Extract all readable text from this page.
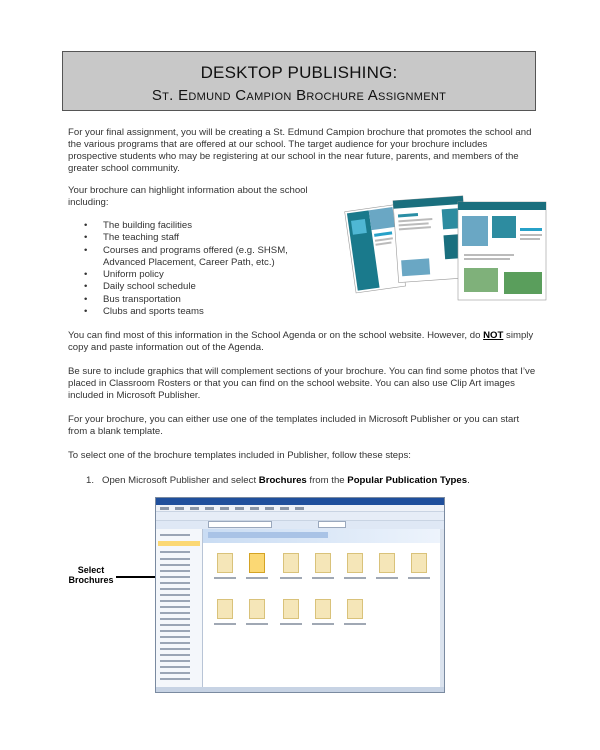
DESKTOP PUBLISHING:
St. Edmund Campion Brochure Assignment

For your final assignment, you will be creating a St. Edmund Campion brochure that promotes the school and the various programs that are offered at our school. The target audience for your brochure includes prospective students who may be registering at our school in the near future, parents, and members of the greater school community.

Your brochure can highlight information about the school including:

• The building facilities
• The teaching staff
• Courses and programs offered (e.g. SHSM, Advanced Placement, Career Path, etc.)
• Uniform policy
• Daily school schedule
• Bus transportation
• Clubs and sports teams

You can find most of this information in the School Agenda or on the school website. However, do NOT simply copy and paste information out of the Agenda.

Be sure to include graphics that will complement sections of your brochure. You can find some photos that I’ve placed in Classroom Rosters or that you can find on the school website. You can also use Clip Art images included in Microsoft Publisher.

For your brochure, you can either use one of the templates included in Microsoft Publisher or you can start from a blank template.

To select one of the brochure templates included in Publisher, follow these steps:

1. Open Microsoft Publisher and select Brochures from the Popular Publication Types.
Select Brochures
